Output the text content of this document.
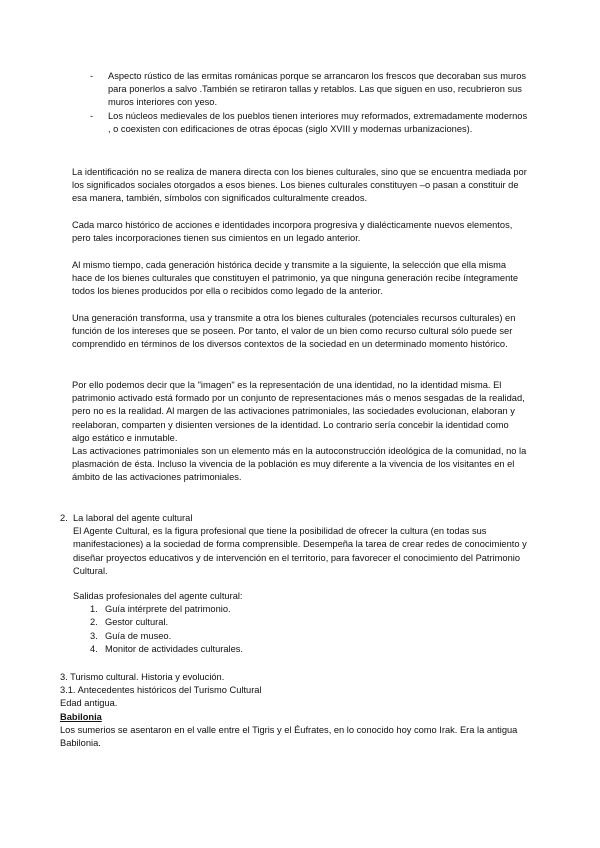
- Aspecto rústico de las ermitas románicas porque se arrancaron los frescos que decoraban sus muros para ponerlos a salvo .También se retiraron tallas y retablos. Las que siguen en uso, recubrieron sus muros interiores con yeso.
- Los núcleos medievales de los pueblos tienen interiores muy reformados, extremadamente modernos , o coexisten con edificaciones de otras épocas (siglo XVIII y modernas urbanizaciones).

La identificación no se realiza de manera directa con los bienes culturales, sino que se encuentra mediada por los significados sociales otorgados a esos bienes. Los bienes culturales constituyen –o pasan a constituir de esa manera, también, símbolos con significados culturalmente creados.

Cada marco histórico de acciones e identidades incorpora progresiva y dialécticamente nuevos elementos, pero tales incorporaciones tienen sus cimientos en un legado anterior.

Al mismo tiempo, cada generación histórica decide y transmite a la siguiente, la selección que ella misma hace de los bienes culturales que constituyen el patrimonio, ya que ninguna generación recibe íntegramente todos los bienes producidos por ella o recibidos como legado de la anterior.

Una generación transforma, usa y transmite a otra los bienes culturales (potenciales recursos culturales) en función de los intereses que se poseen. Por tanto, el valor de un bien como recurso cultural sólo puede ser comprendido en términos de los diversos contextos de la sociedad en un determinado momento histórico.

Por ello podemos decir que la "imagen" es la representación de una identidad, no la identidad misma. El patrimonio activado está formado por un conjunto de representaciones más o menos sesgadas de la realidad, pero no es la realidad. Al margen de las activaciones patrimoniales, las sociedades evolucionan, elaboran y reelaboran, comparten y disienten versiones de la identidad. Lo contrario sería concebir la identidad como algo estático e inmutable.

Las activaciones patrimoniales son un elemento más en la autoconstrucción ideológica de la comunidad, no la plasmación de ésta. Incluso la vivencia de la población es muy diferente a la vivencia de los visitantes en el ámbito de las activaciones patrimoniales.

2. La laboral del agente cultural
El Agente Cultural, es la figura profesional que tiene la posibilidad de ofrecer la cultura (en todas sus manifestaciones) a la sociedad de forma comprensible. Desempeña la tarea de crear redes de conocimiento y diseñar proyectos educativos y de intervención en el territorio, para favorecer el conocimiento del Patrimonio Cultural.
Salidas profesionales del agente cultural:
1. Guía intérprete del patrimonio.
2. Gestor cultural.
3. Guía de museo.
4. Monitor de actividades culturales.
3. Turismo cultural. Historia y evolución.
3.1. Antecedentes históricos del Turismo Cultural
Edad antigua.
Babilonia
Los sumerios se asentaron en el valle entre el Tigris y el Éufrates, en lo conocido hoy como Irak. Era la antigua Babilonia.
